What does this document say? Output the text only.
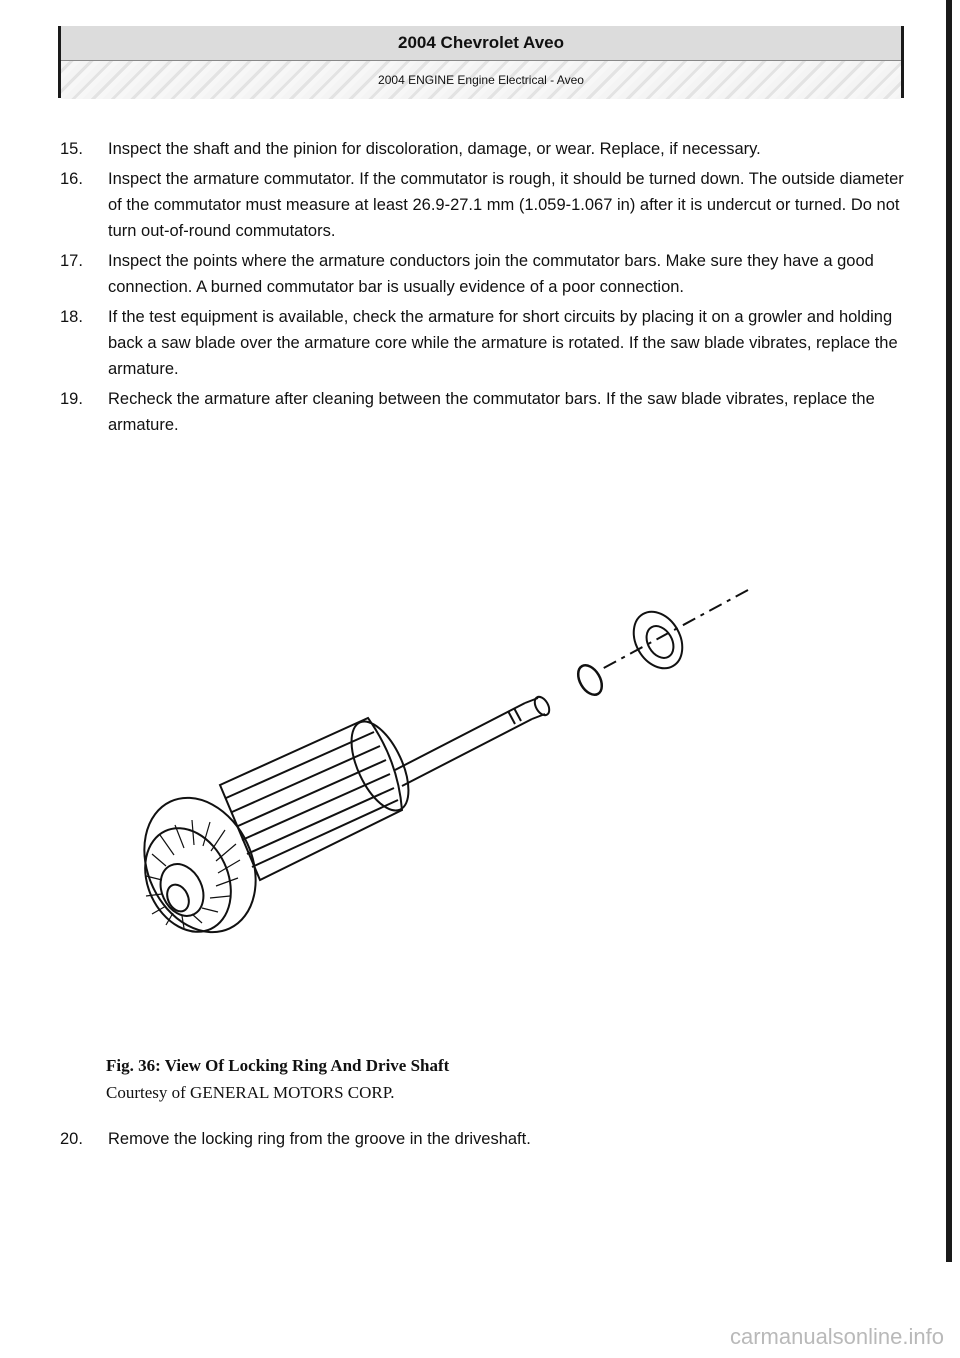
2004 Chevrolet Aveo
2004 ENGINE Engine Electrical - Aveo
15. Inspect the shaft and the pinion for discoloration, damage, or wear. Replace, if necessary.
16. Inspect the armature commutator. If the commutator is rough, it should be turned down. The outside diameter of the commutator must measure at least 26.9-27.1 mm (1.059-1.067 in) after it is undercut or turned. Do not turn out-of-round commutators.
17. Inspect the points where the armature conductors join the commutator bars. Make sure they have a good connection. A burned commutator bar is usually evidence of a poor connection.
18. If the test equipment is available, check the armature for short circuits by placing it on a growler and holding back a saw blade over the armature core while the armature is rotated. If the saw blade vibrates, replace the armature.
19. Recheck the armature after cleaning between the commutator bars. If the saw blade vibrates, replace the armature.
Fig. 36: View Of Locking Ring And Drive Shaft
Courtesy of GENERAL MOTORS CORP.
20. Remove the locking ring from the groove in the driveshaft.
carmanualsonline.info
